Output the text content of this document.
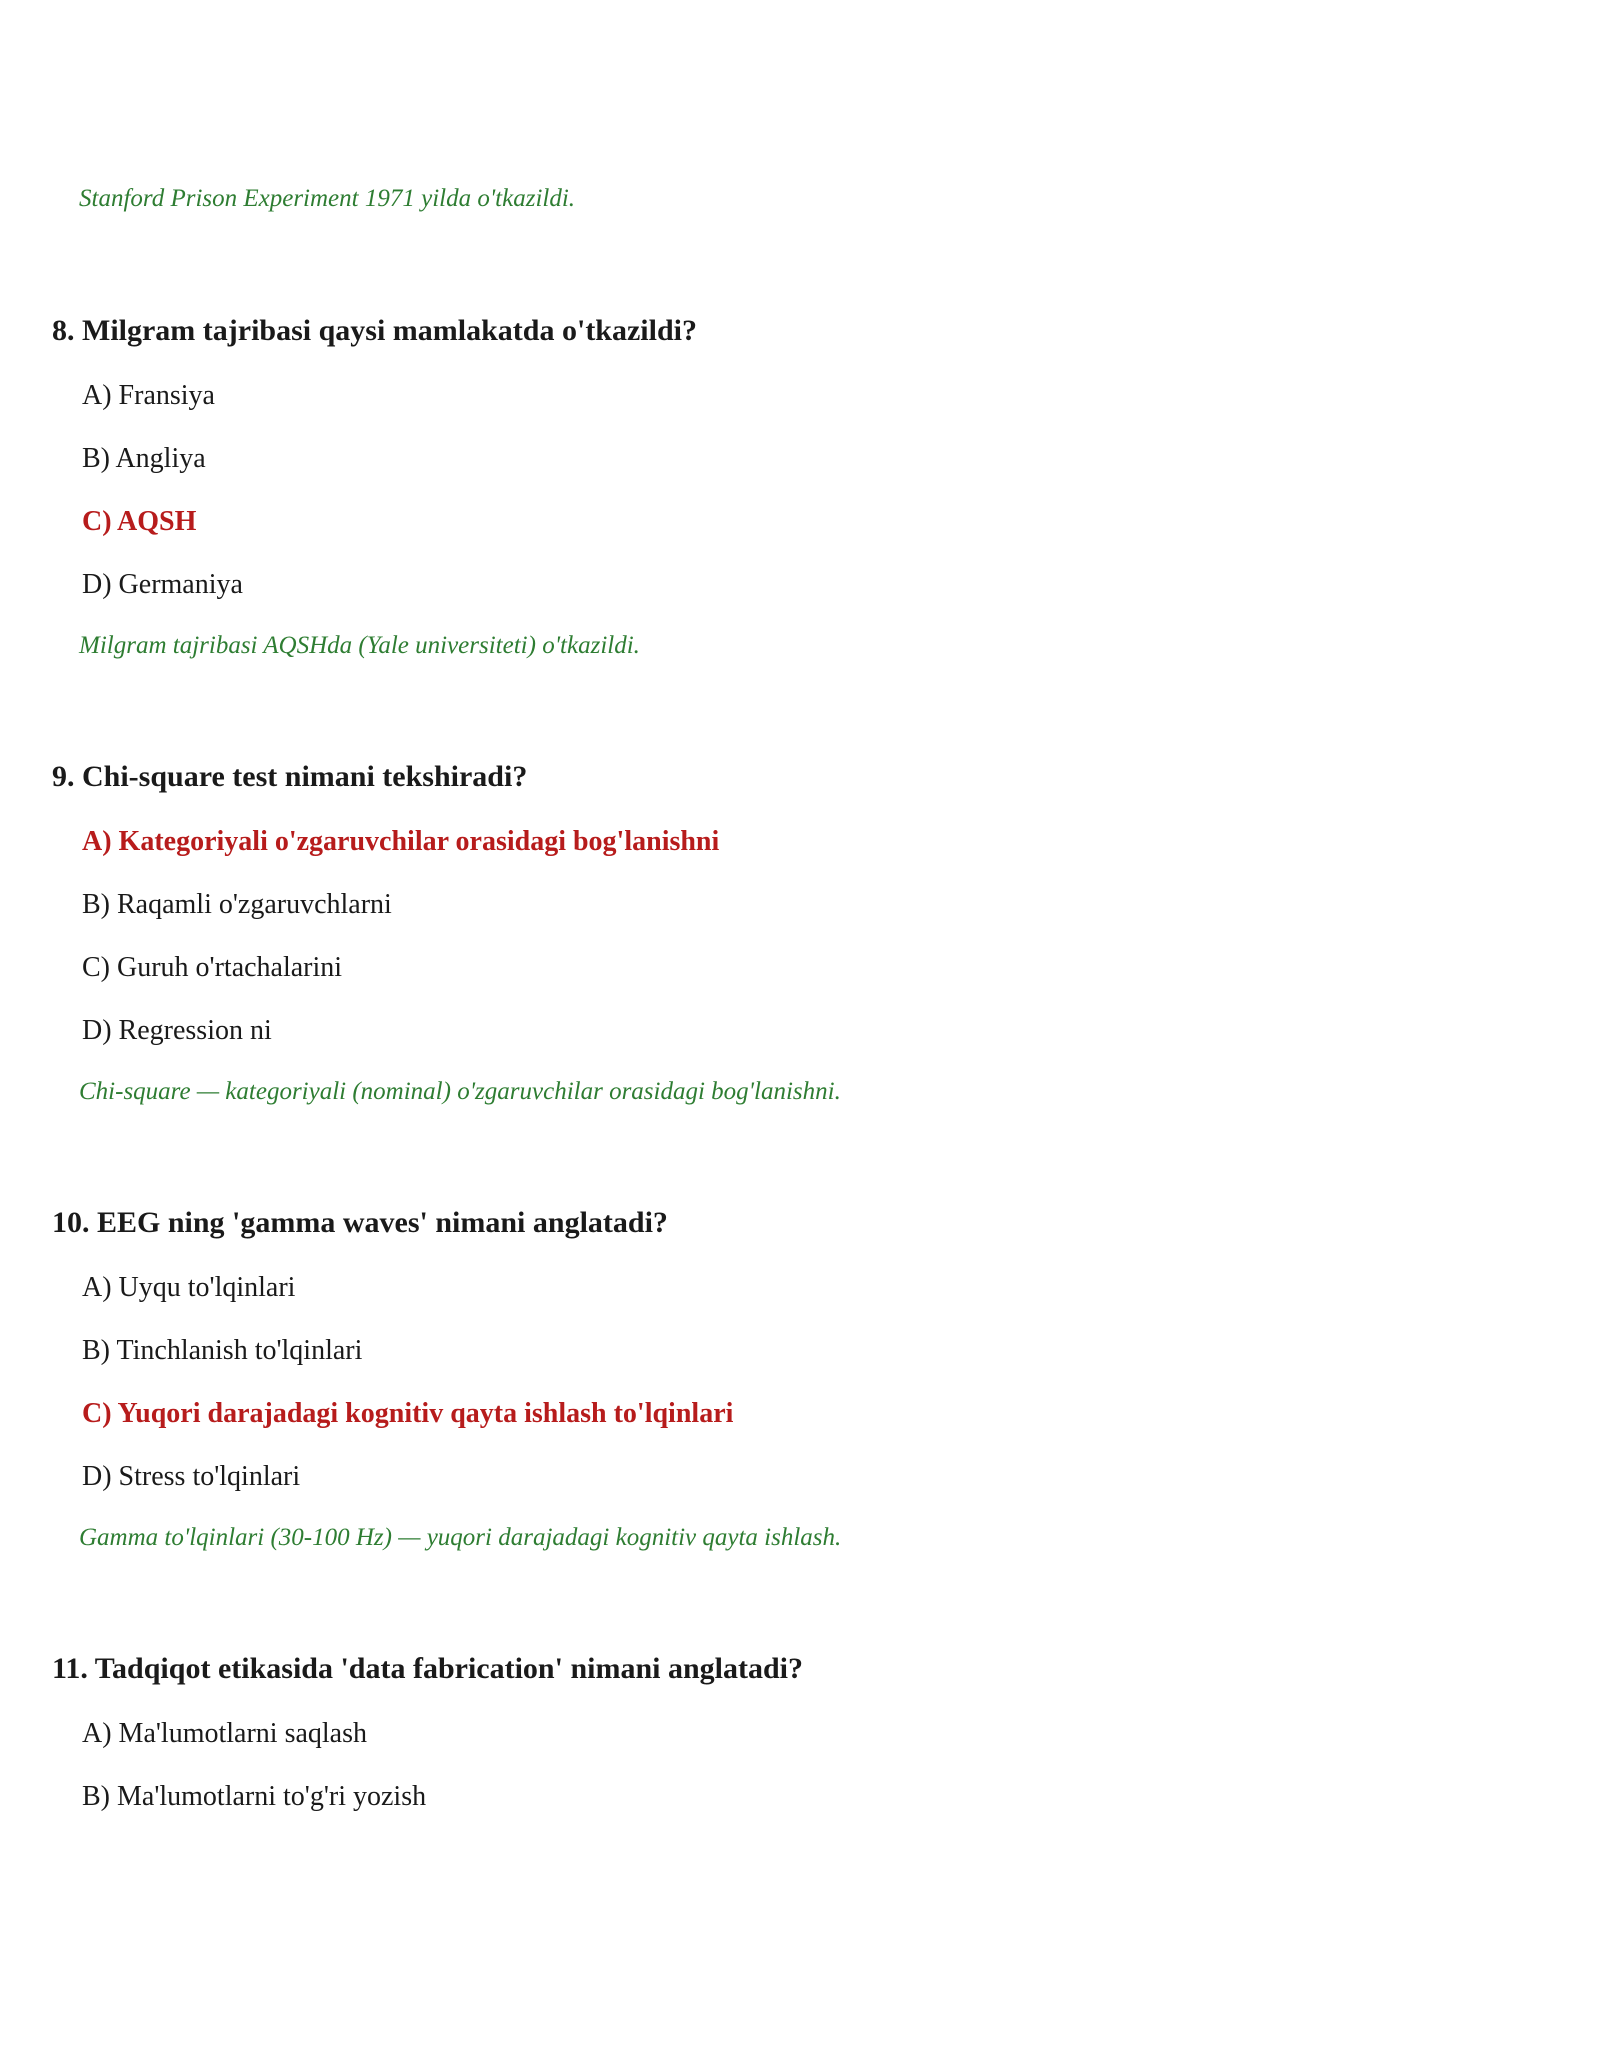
Stanford Prison Experiment 1971 yilda o'tkazildi.
8. Milgram tajribasi qaysi mamlakatda o'tkazildi?
A) Fransiya
B) Angliya
C) AQSH
D) Germaniya
Milgram tajribasi AQSHda (Yale universiteti) o'tkazildi.
9. Chi-square test nimani tekshiradi?
A) Kategoriyali o'zgaruvchilar orasidagi bog'lanishni
B) Raqamli o'zgaruvchlarni
C) Guruh o'rtachalarini
D) Regression ni
Chi-square — kategoriyali (nominal) o'zgaruvchilar orasidagi bog'lanishni.
10. EEG ning 'gamma waves' nimani anglatadi?
A) Uyqu to'lqinlari
B) Tinchlanish to'lqinlari
C) Yuqori darajadagi kognitiv qayta ishlash to'lqinlari
D) Stress to'lqinlari
Gamma to'lqinlari (30-100 Hz) — yuqori darajadagi kognitiv qayta ishlash.
11. Tadqiqot etikasida 'data fabrication' nimani anglatadi?
A) Ma'lumotlarni saqlash
B) Ma'lumotlarni to'g'ri yozish
